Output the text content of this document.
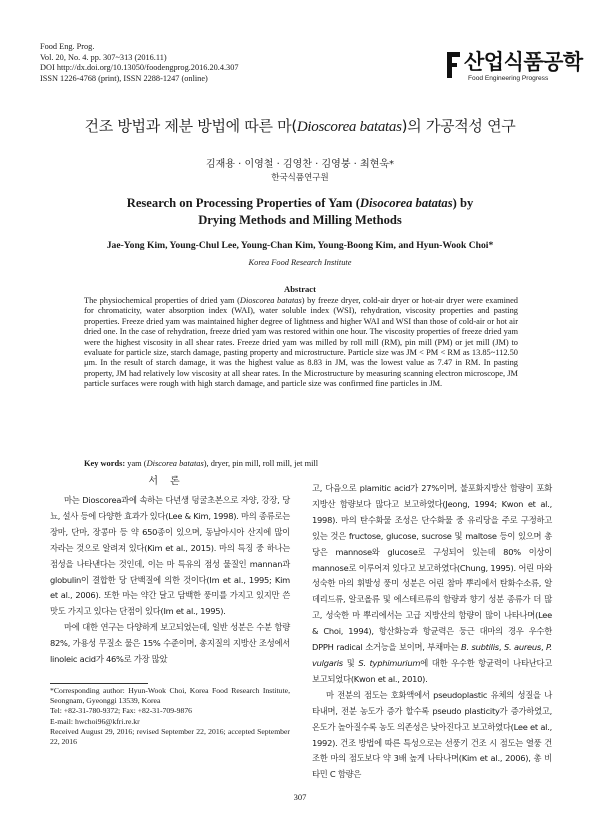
Food Eng. Prog.
Vol. 20, No. 4. pp. 307~313 (2016.11)
DOI http://dx.doi.org/10.13050/foodengprog.2016.20.4.307
ISSN 1226-4768 (print), ISSN 2288-1247 (online)
산업식품공학
Food Engineering Progress
건조 방법과 제분 방법에 따른 마(Dioscorea batatas)의 가공적성 연구
김재용 · 이영철 · 김영찬 · 김영붕 · 최현욱*
한국식품연구원
Research on Processing Properties of Yam (Disocorea batatas) by
Drying Methods and Milling Methods
Jae-Yong Kim, Young-Chul Lee, Young-Chan Kim, Young-Boong Kim, and Hyun-Wook Choi*
Korea Food Research Institute
Abstract

The physiochemical properties of dried yam (Dioscorea batatas) by freeze dryer, cold-air dryer or hot-air dryer were examined for chromaticity, water absorption index (WAI), water soluble index (WSI), rehydration, viscosity properties and pasting properties. Freeze dried yam was maintained higher degree of lightness and higher WAI and WSI than those of cold-air or hot air dried one. In the case of rehydration, freeze dried yam was restored within one hour. The viscosity properties of freeze dried yam were the highest viscosity in all shear rates. Freeze dried yam was milled by roll mill (RM), pin mill (PM) or jet mill (JM) to evaluate for particle size, starch damage, pasting property and microstructure. Particle size was JM < PM < RM as 13.85~112.50 μm. In the result of starch damage, it was the highest value as 8.83 in JM, was the lowest value as 7.47 in RM. In pasting property, JM had relatively low viscosity at all shear rates. In the Microstructure by measuring scanning electron microscope, JM particle surfaces were rough with high starch damage, and particle size was confirmed fine particles in JM.

Key words: yam (Discorea batatas), dryer, pin mill, roll mill, jet mill
서론

마는 Dioscorea과에 속하는 다년생 덩굴초본으로 자양, 강장, 당뇨, 설사 등에 다양한 효과가 있다(Lee & Kim, 1998). 마의 종류로는 장마, 단마, 장콩마 등 약 650종이 있으며, 동남아시아 산지에 많이 자라는 것으로 알려져 있다(Kim et al., 2015). 마의 특징 중 하나는 점성을 나타낸다는 것인데, 이는 마 특유의 점성 물질인 mannan과 globulin이 결합한 당 단백질에 의한 것이다(Im et al., 1995; Kim et al., 2006). 또한 마는 약간 달고 담백한 풍미를 가지고 있지만 쓴 맛도 가지고 있다는 단점이 있다(Im et al., 1995).

마에 대한 연구는 다양하게 보고되었는데, 일반 성분은 수분 함량 82%, 가용성 무질소 물은 15% 수준이며, 총지질의 지방산 조성에서 linoleic acid가 46%로 가장 많았

고, 다음으로 plamitic acid가 27%이며, 불포화지방산 함량이 포화지방산 함량보다 많다고 보고하였다(Jeong, 1994; Kwon et al., 1998). 마의 탄수화물 조성은 단수화물 중 유리당을 주로 구정하고 있는 것은 fructose, glucose, sucrose 및 maltose 등이 있으며 총 당은 mannose와 glucose로 구성되어 있는데 80% 이상이 mannose로 이루어져 있다고 보고하였다(Chung, 1995). 어린 마와 성숙한 마의 휘발성 풍미 성분은 어린 참마 뿌리에서 탄화수소류, 알데리드류, 알코올류 및 에스테르류의 함량과 향기 성분 종류가 더 많고, 성숙한 마 뿌리에서는 고급 지방산의 함량이 많이 나타나며(Lee & Choi, 1994), 항산화능과 항균력은 둥근 대마의 경우 우수한 DPPH radical 소거능을 보이며, 부채마는 B. subtilis, S. aureus, P. vulgaris 및 S. typhimurium에 대한 우수한 항균력이 나타난다고 보고되었다(Kwon et al., 2010).

마 전분의 점도는 호화액에서 pseudoplastic 유체의 성질을 나타내며, 전분 농도가 증가 할수록 pseudo plasticity가 증가하였고, 온도가 높아질수록 농도 의존성은 낮아진다고 보고하였다(Lee et al., 1992). 건조 방법에 따른 특성으로는 선풍기 건조 시 점도는 열풍 건조한 마의 점도보다 약 3배 높게 나타나며(Kim et al., 2006), 총 비타민 C 함량은

*Corresponding author: Hyun-Wook Choi, Korea Food Research Institute, Seongnam, Gyeonggi 13539, Korea
Tel: +82-31-780-9372; Fax: +82-31-709-9876
E-mail: hwchoi96@kfri.re.kr
Received August 29, 2016; revised September 22, 2016; accepted September 22, 2016
307
